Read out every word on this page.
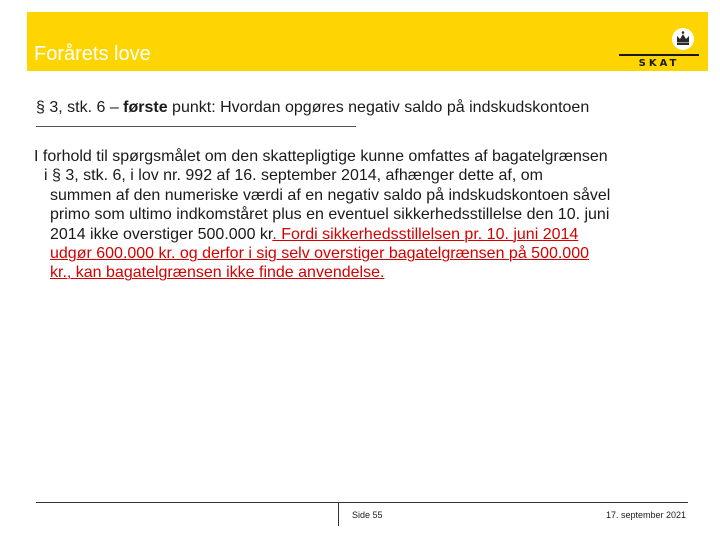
Forårets love	SKAT
§ 3, stk. 6 – første punkt: Hvordan opgøres negativ saldo på indskudskontoen
I forhold til spørgsmålet om den skattepligtige kunne omfattes af bagatelgrænsen
i § 3, stk. 6, i lov nr. 992 af 16. september 2014, afhænger dette af, om
summen af den numeriske værdi af en negativ saldo på indskudskontoen såvel
primo som ultimo indkomståret plus en eventuel sikkerhedsstillelse den 10. juni
2014 ikke overstiger 500.000 kr. Fordi sikkerhedsstillelsen pr. 10. juni 2014
udgør 600.000 kr. og derfor i sig selv overstiger bagatelgrænsen på 500.000
kr., kan bagatelgrænsen ikke finde anvendelse.
Side 55	17. september 2021
